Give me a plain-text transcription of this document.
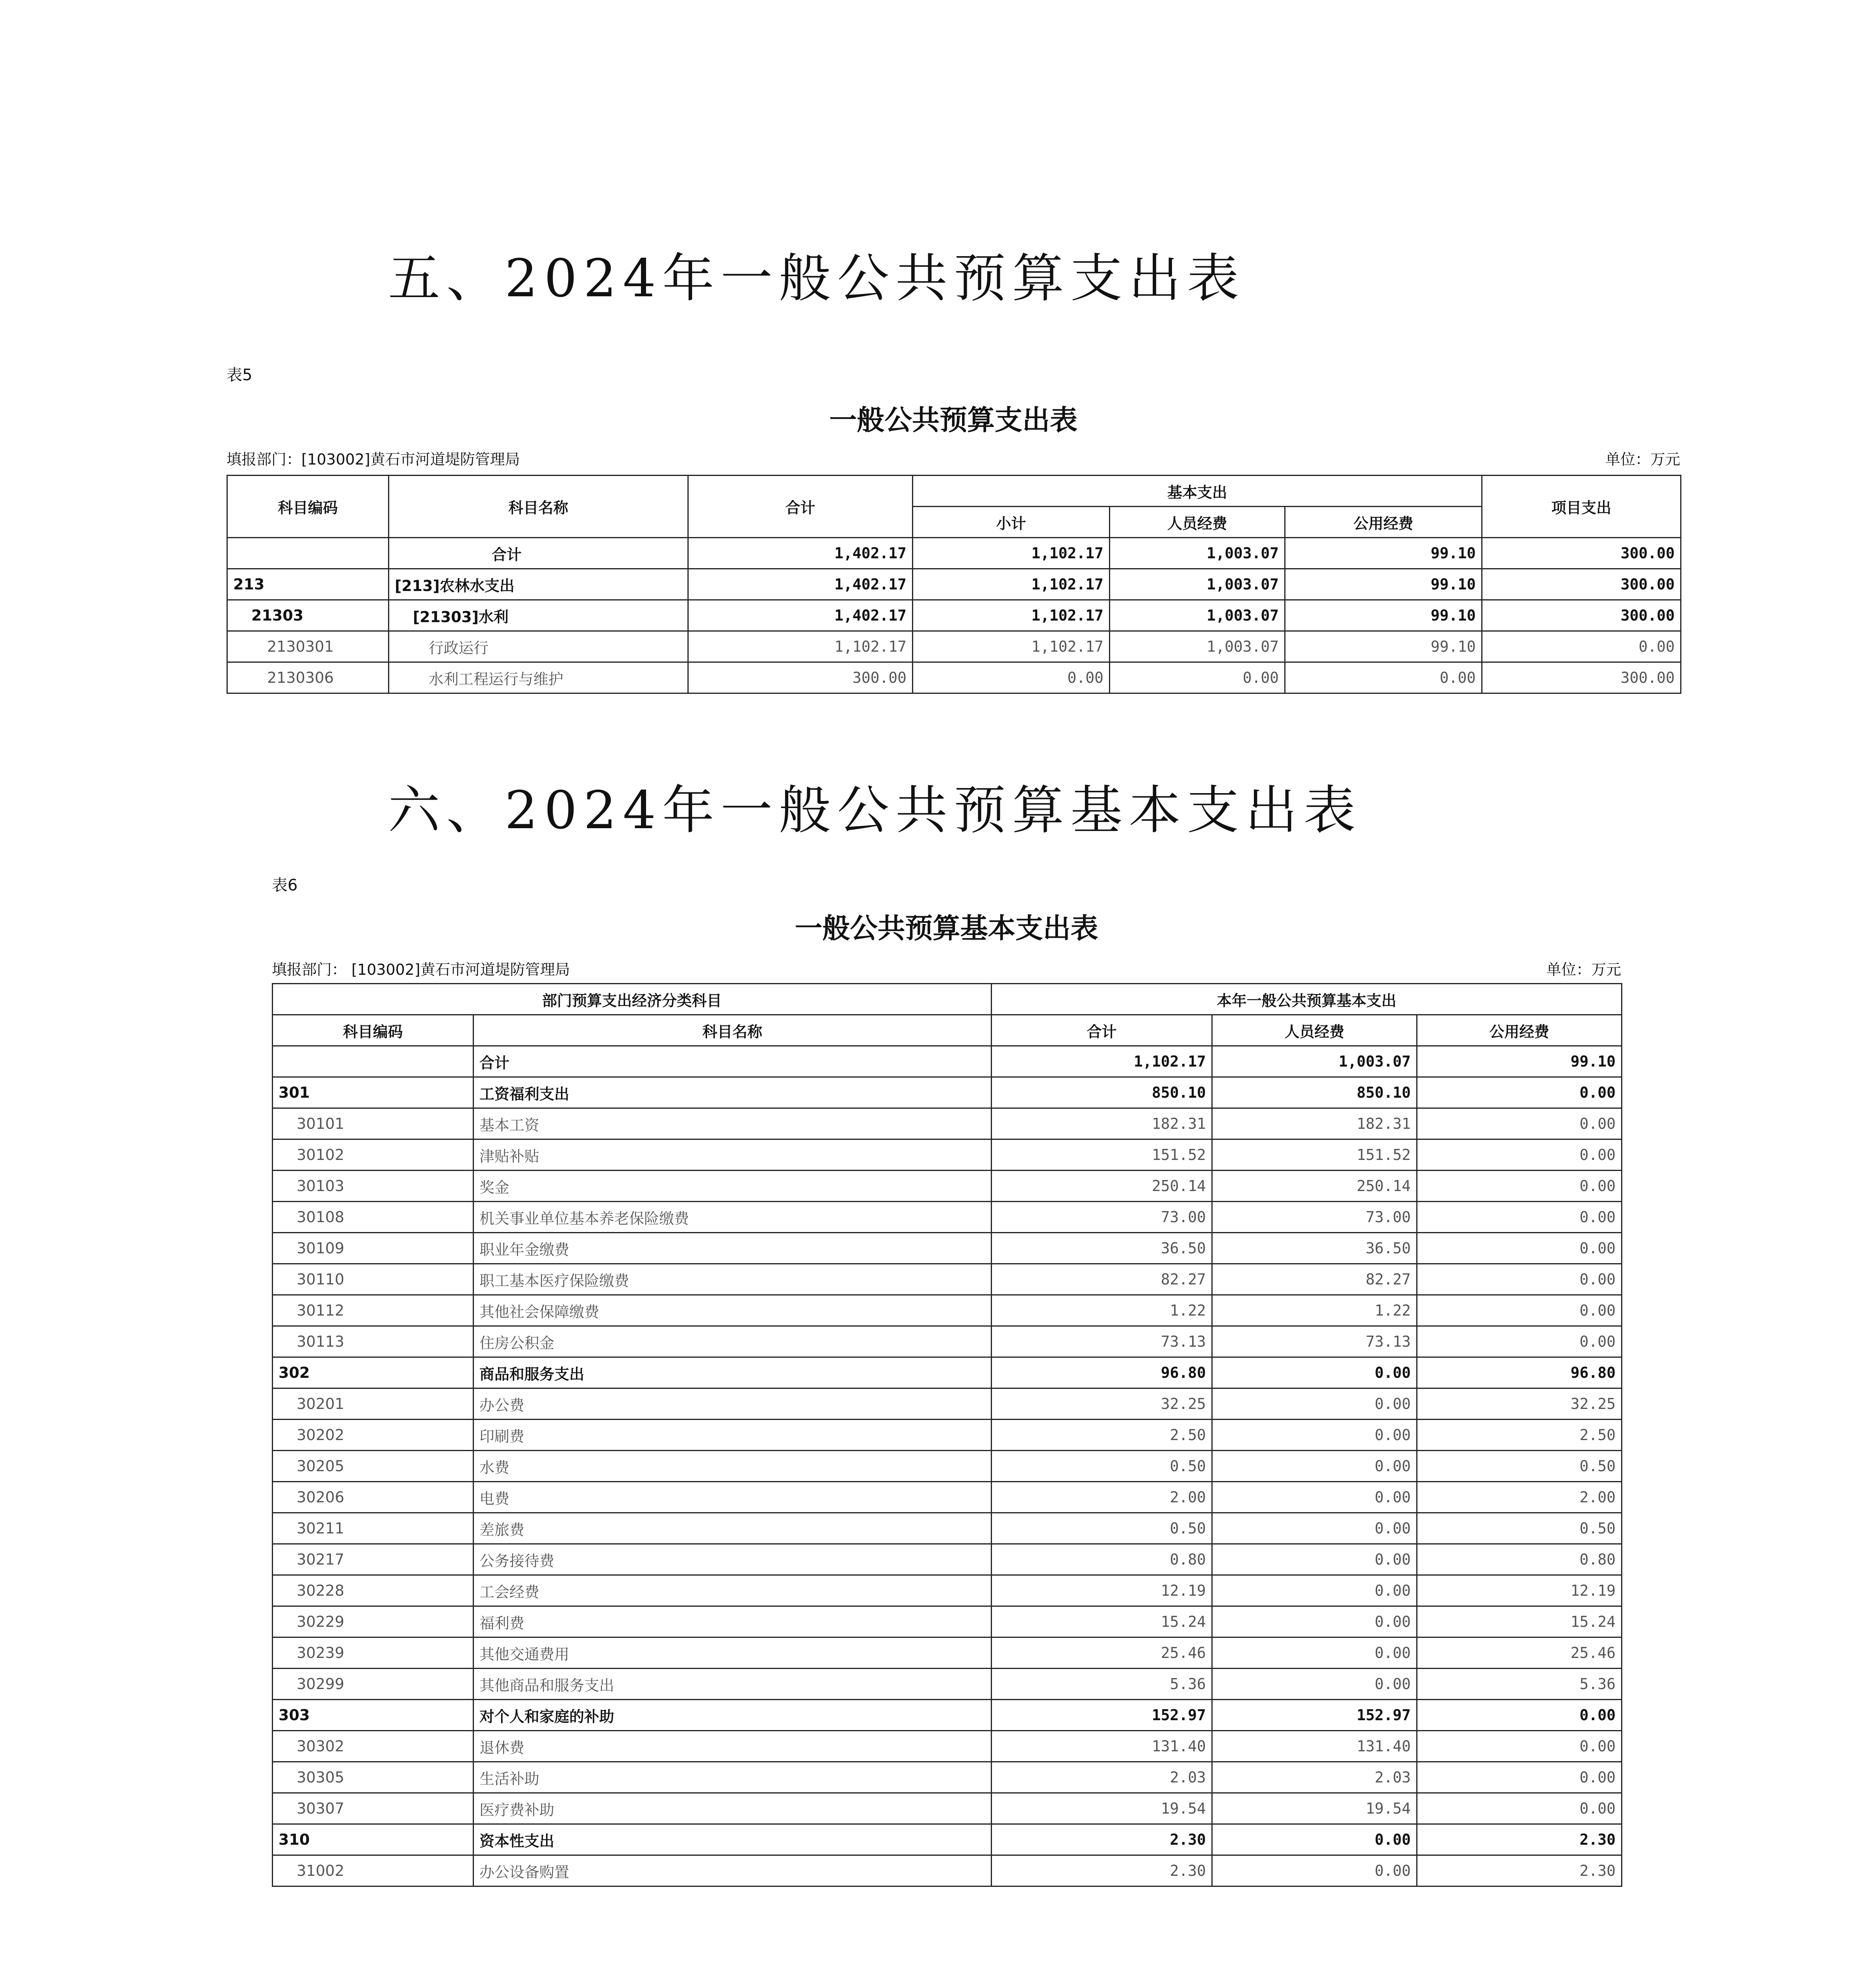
五、2024年一般公共预算支出表
表5
一般公共预算支出表
填报部门：[103002]黄石市河道堤防管理局	单位：万元
科目编码	科目名称	合计	基本支出			项目支出
			小计	人员经费	公用经费	
	合计	1,402.17	1,102.17	1,003.07	99.10	300.00
213	[213]农林水支出	1,402.17	1,102.17	1,003.07	99.10	300.00
21303	[21303]水利	1,402.17	1,102.17	1,003.07	99.10	300.00
2130301	行政运行	1,102.17	1,102.17	1,003.07	99.10	0.00
2130306	水利工程运行与维护	300.00	0.00	0.00	0.00	300.00
六、2024年一般公共预算基本支出表
表6
一般公共预算基本支出表
填报部门： [103002]黄石市河道堤防管理局	单位：万元
部门预算支出经济分类科目		本年一般公共预算基本支出		
科目编码	科目名称	合计	人员经费	公用经费
	合计	1,102.17	1,003.07	99.10
301	工资福利支出	850.10	850.10	0.00
30101	基本工资	182.31	182.31	0.00
30102	津贴补贴	151.52	151.52	0.00
30103	奖金	250.14	250.14	0.00
30108	机关事业单位基本养老保险缴费	73.00	73.00	0.00
30109	职业年金缴费	36.50	36.50	0.00
30110	职工基本医疗保险缴费	82.27	82.27	0.00
30112	其他社会保障缴费	1.22	1.22	0.00
30113	住房公积金	73.13	73.13	0.00
302	商品和服务支出	96.80	0.00	96.80
30201	办公费	32.25	0.00	32.25
30202	印刷费	2.50	0.00	2.50
30205	水费	0.50	0.00	0.50
30206	电费	2.00	0.00	2.00
30211	差旅费	0.50	0.00	0.50
30217	公务接待费	0.80	0.00	0.80
30228	工会经费	12.19	0.00	12.19
30229	福利费	15.24	0.00	15.24
30239	其他交通费用	25.46	0.00	25.46
30299	其他商品和服务支出	5.36	0.00	5.36
303	对个人和家庭的补助	152.97	152.97	0.00
30302	退休费	131.40	131.40	0.00
30305	生活补助	2.03	2.03	0.00
30307	医疗费补助	19.54	19.54	0.00
310	资本性支出	2.30	0.00	2.30
31002	办公设备购置	2.30	0.00	2.30
